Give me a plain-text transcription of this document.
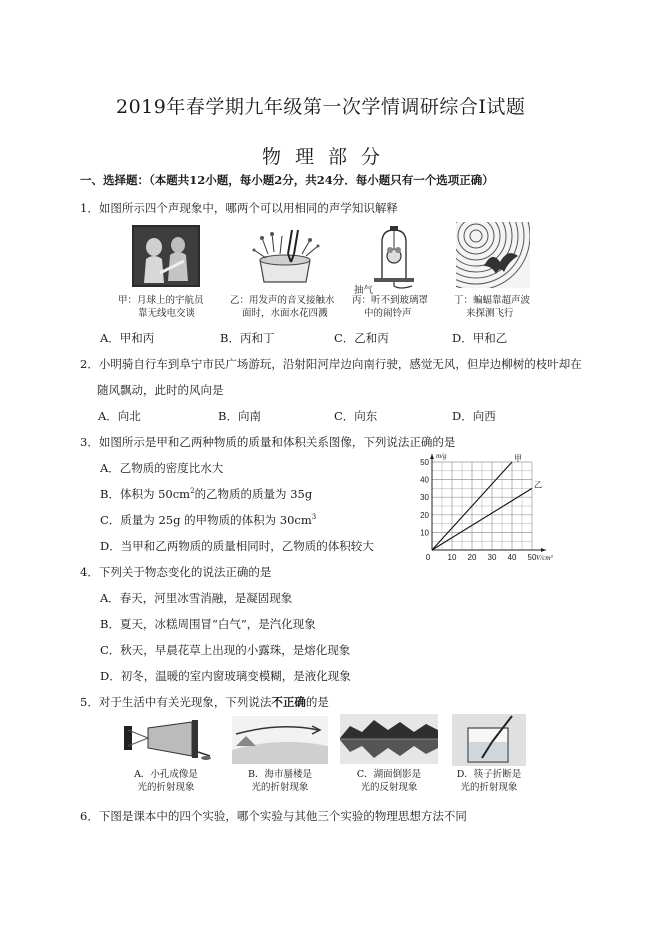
2019年春学期九年级第一次学情调研综合Ⅰ试题
物理部分
一、选择题：（本题共12小题，每小题2分，共24分．每小题只有一个选项正确）
1．如图所示四个声现象中，哪两个可以用相同的声学知识解释
抽气
甲：月球上的宇航员
靠无线电交谈
乙：用发声的音叉接触水
面时，水面水花四溅
丙：听不到玻璃罩
中的闹铃声
丁：蝙蝠靠超声波
来探测飞行
A．甲和丙	B．丙和丁	C．乙和丙	D．甲和乙
2．小明骑自行车到阜宁市民广场游玩，沿射阳河岸边向南行驶，感觉无风，但岸边柳树的枝叶却在
随风飘动，此时的风向是
A．向北	B．向南	C．向东	D．向西
3．如图所示是甲和乙两种物质的质量和体积关系图像，下列说法正确的是
A．乙物质的密度比水大
B．体积为 $50cm^2$的乙物质的质量为 35g
C．质量为 25g 的甲物质的体积为 $30cm^3$
D．当甲和乙两物质的质量相同时，乙物质的体积较大
0 10 20 30 40 50
10
20
30
40
50
m/g
V/cm³
甲
乙
4．下列关于物态变化的说法正确的是
A．春天，河里冰雪消融，是凝固现象
B．夏天，冰糕周围冒“白气”，是汽化现象
C．秋天，早晨花草上出现的小露珠，是熔化现象
D．初冬，温暖的室内窗玻璃变模糊，是液化现象
5．对于生活中有关光现象，下列说法不正确的是
A．小孔成像是
光的折射现象
B．海市蜃楼是
光的折射现象
C．湖面倒影是
光的反射现象
D．筷子折断是
光的折射现象
6．下图是课本中的四个实验，哪个实验与其他三个实验的物理思想方法不同
